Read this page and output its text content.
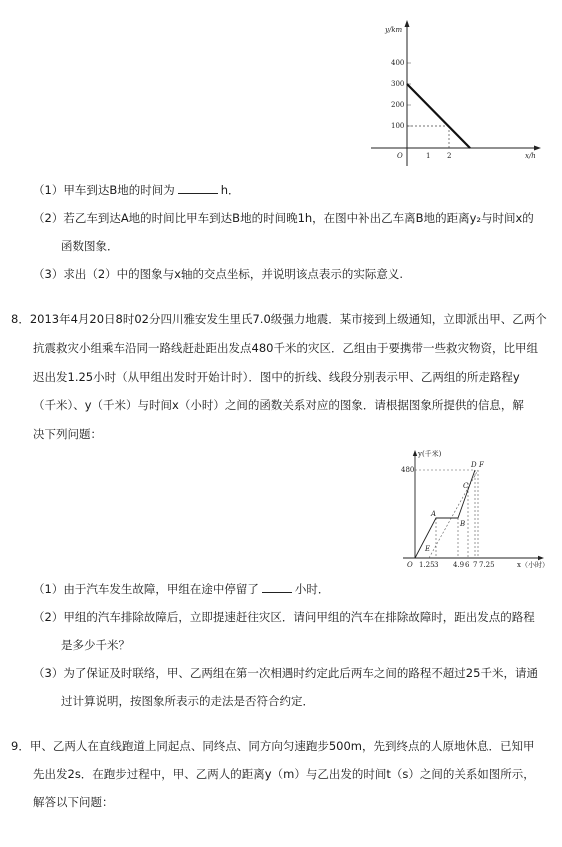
y/km
400
300
200
100
O	1 2	x/h
（1）甲车到达B地的时间为	h．
（2）若乙车到达A地的时间比甲车到达B地的时间晚1h，在图中补出乙车离B地的距离y₂与时间x的
函数图象．
（3）求出（2）中的图象与x轴的交点坐标，并说明该点表示的实际意义.
8．2013年4月20日8时02分四川雅安发生里氏7.0级强力地震．某市接到上级通知，立即派出甲、乙两个
抗震救灾小组乘车沿同一路线赶赴距出发点480千米的灾区．乙组由于要携带一些救灾物资，比甲组
迟出发1.25小时（从甲组出发时开始计时）．图中的折线、线段分别表示甲、乙两组的所走路程y
（千米）、y（千米）与时间x（小时）之间的函数关系对应的图象．请根据图象所提供的信息，解
决下列问题：
A
B
C
D
E
F
y(千米)
480
O 1.25 3 4.9 6 7 7.25	x（小时）
（1）由于汽车发生故障，甲组在途中停留了	小时．
（2）甲组的汽车排除故障后，立即提速赶往灾区．请问甲组的汽车在排除故障时，距出发点的路程
是多少千米？
（3）为了保证及时联络，甲、乙两组在第一次相遇时约定此后两车之间的路程不超过25千米，请通
过计算说明，按图象所表示的走法是否符合约定．
9．甲、乙两人在直线跑道上同起点、同终点、同方向匀速跑步500m，先到终点的人原地休息．已知甲
先出发2s．在跑步过程中，甲、乙两人的距离y（m）与乙出发的时间t（s）之间的关系如图所示，
解答以下问题：
